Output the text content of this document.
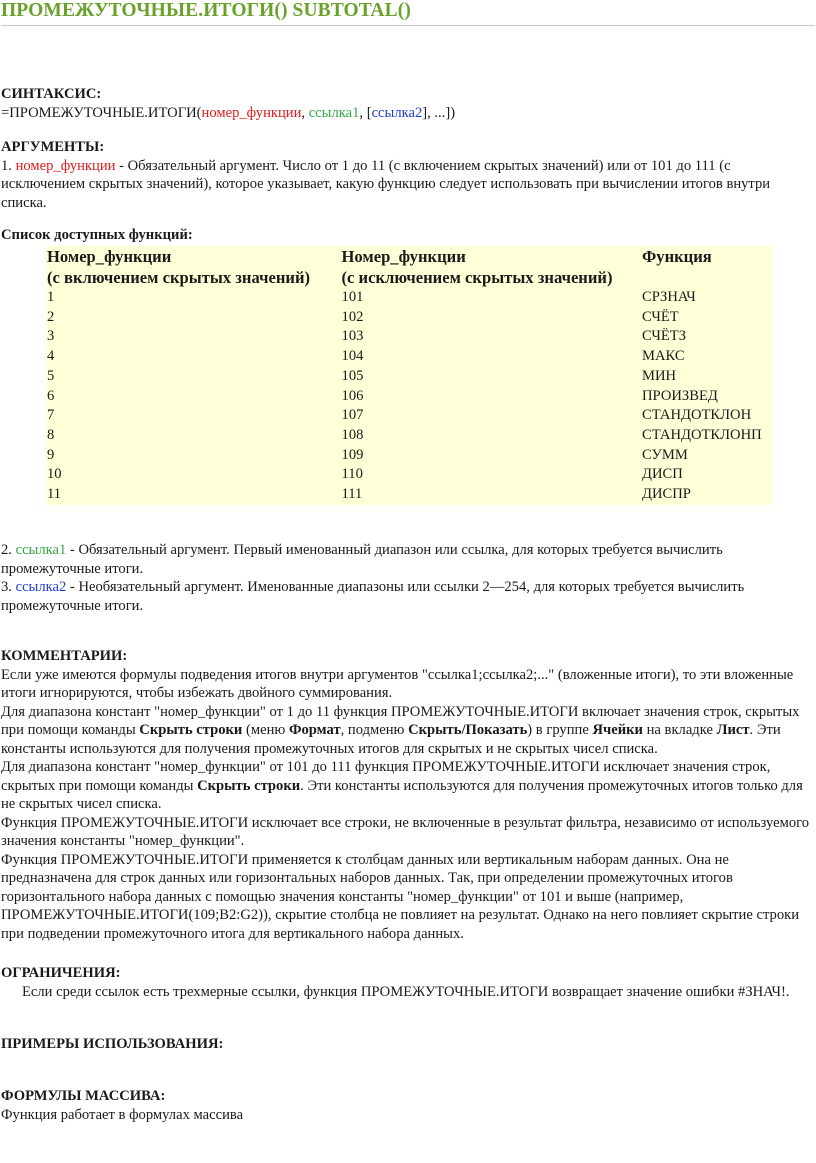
ПРОМЕЖУТОЧНЫЕ.ИТОГИ() SUBTOTAL()

СИНТАКСИС:

=ПРОМЕЖУТОЧНЫЕ.ИТОГИ(номер_функции, ссылка1, [ссылка2], ...])

АРГУМЕНТЫ:

1. номер_функции - Обязательный аргумент. Число от 1 до 11 (с включением скрытых значений) или от 101 до 111 (с исключением скрытых значений), которое указывает, какую функцию следует использовать при вычислении итогов внутри списка.

Список доступных функций:
Номер_функции
(с включением скрытых значений)	Номер_функции
(с исключением скрытых значений)	Функция
1	101	СРЗНАЧ
2	102	СЧЁТ
3	103	СЧЁТЗ
4	104	МАКС
5	105	МИН
6	106	ПРОИЗВЕД
7	107	СТАНДОТКЛОН
8	108	СТАНДОТКЛОНП
9	109	СУММ
10	110	ДИСП
11	111	ДИСПР

2. ссылка1 - Обязательный аргумент. Первый именованный диапазон или ссылка, для которых требуется вычислить промежуточные итоги.

3. ссылка2 - Необязательный аргумент. Именованные диапазоны или ссылки 2—254, для которых требуется вычислить промежуточные итоги.

КОММЕНТАРИИ:

Если уже имеются формулы подведения итогов внутри аргументов "ссылка1;ссылка2;..." (вложенные итоги), то эти вложенные итоги игнорируются, чтобы избежать двойного суммирования.

Для диапазона констант "номер_функции" от 1 до 11 функция ПРОМЕЖУТОЧНЫЕ.ИТОГИ включает значения строк, скрытых при помощи команды Скрыть строки (меню Формат, подменю Скрыть/Показать) в группе Ячейки на вкладке Лист. Эти константы используются для получения промежуточных итогов для скрытых и не скрытых чисел списка.

Для диапазона констант "номер_функции" от 101 до 111 функция ПРОМЕЖУТОЧНЫЕ.ИТОГИ исключает значения строк, скрытых при помощи команды Скрыть строки. Эти константы используются для получения промежуточных итогов только для не скрытых чисел списка.

Функция ПРОМЕЖУТОЧНЫЕ.ИТОГИ исключает все строки, не включенные в результат фильтра, независимо от используемого значения константы "номер_функции".

Функция ПРОМЕЖУТОЧНЫЕ.ИТОГИ применяется к столбцам данных или вертикальным наборам данных. Она не предназначена для строк данных или горизонтальных наборов данных. Так, при определении промежуточных итогов горизонтального набора данных с помощью значения константы "номер_функции" от 101 и выше (например, ПРОМЕЖУТОЧНЫЕ.ИТОГИ(109;B2:G2)), скрытие столбца не повлияет на результат. Однако на него повлияет скрытие строки при подведении промежуточного итога для вертикального набора данных.

ОГРАНИЧЕНИЯ:

Если среди ссылок есть трехмерные ссылки, функция ПРОМЕЖУТОЧНЫЕ.ИТОГИ возвращает значение ошибки #ЗНАЧ!.

ПРИМЕРЫ ИСПОЛЬЗОВАНИЯ:

ФОРМУЛЫ МАССИВА:

Функция работает в формулах массива
